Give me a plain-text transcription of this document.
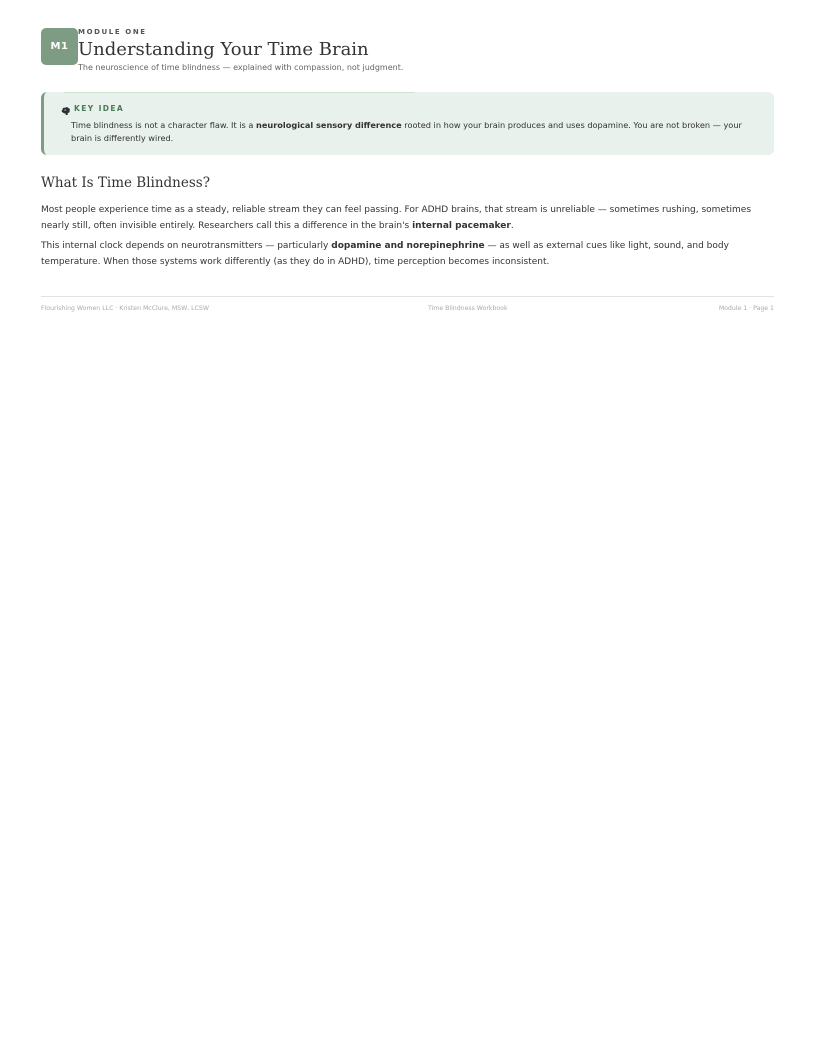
M1
MODULE ONE
Understanding Your Time Brain
The neuroscience of time blindness — explained with compassion, not judgment.
KEY IDEA
Time blindness is not a character flaw. It is a neurological sensory difference rooted in how your brain produces and uses dopamine. You are not broken — your brain is differently wired.
What Is Time Blindness?
Most people experience time as a steady, reliable stream they can feel passing. For ADHD brains, that stream is unreliable — sometimes rushing, sometimes nearly still, often invisible entirely. Researchers call this a difference in the brain's internal pacemaker.
This internal clock depends on neurotransmitters — particularly dopamine and norepinephrine — as well as external cues like light, sound, and body temperature. When those systems work differently (as they do in ADHD), time perception becomes inconsistent.
Flourishing Women LLC · Kristen McClure, MSW, LCSW	Time Blindness Workbook	Module 1 · Page 1
